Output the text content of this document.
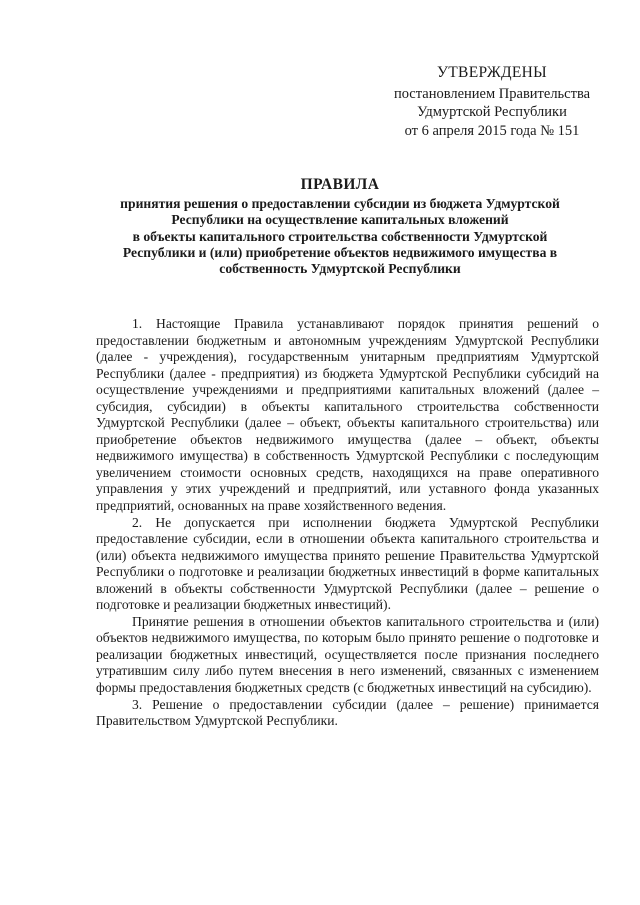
УТВЕРЖДЕНЫ
постановлением Правительства
Удмуртской Республики
от 6 апреля 2015 года № 151
ПРАВИЛА
принятия решения о предоставлении субсидии из бюджета Удмуртской
Республики на осуществление капитальных вложений
в объекты капитального строительства собственности Удмуртской
Республики и (или) приобретение объектов недвижимого имущества в
собственность Удмуртской Республики

1. Настоящие Правила устанавливают порядок принятия решений о предоставлении бюджетным и автономным учреждениям Удмуртской Республики (далее - учреждения), государственным унитарным предприятиям Удмуртской Республики (далее - предприятия) из бюджета Удмуртской Республики субсидий на осуществление учреждениями и предприятиями капитальных вложений (далее – субсидия, субсидии) в объекты капитального строительства собственности Удмуртской Республики (далее – объект, объекты капитального строительства) или приобретение объектов недвижимого имущества (далее – объект, объекты недвижимого имущества) в собственность Удмуртской Республики с последующим увеличением стоимости основных средств, находящихся на праве оперативного управления у этих учреждений и предприятий, или уставного фонда указанных предприятий, основанных на праве хозяйственного ведения.

2. Не допускается при исполнении бюджета Удмуртской Республики предоставление субсидии, если в отношении объекта капитального строительства и (или) объекта недвижимого имущества принято решение Правительства Удмуртской Республики о подготовке и реализации бюджетных инвестиций в форме капитальных вложений в объекты собственности Удмуртской Республики (далее – решение о подготовке и реализации бюджетных инвестиций).

Принятие решения в отношении объектов капитального строительства и (или) объектов недвижимого имущества, по которым было принято решение о подготовке и реализации бюджетных инвестиций, осуществляется после признания последнего утратившим силу либо путем внесения в него изменений, связанных с изменением формы предоставления бюджетных средств (с бюджетных инвестиций на субсидию).

3. Решение о предоставлении субсидии (далее – решение) принимается Правительством Удмуртской Республики.
